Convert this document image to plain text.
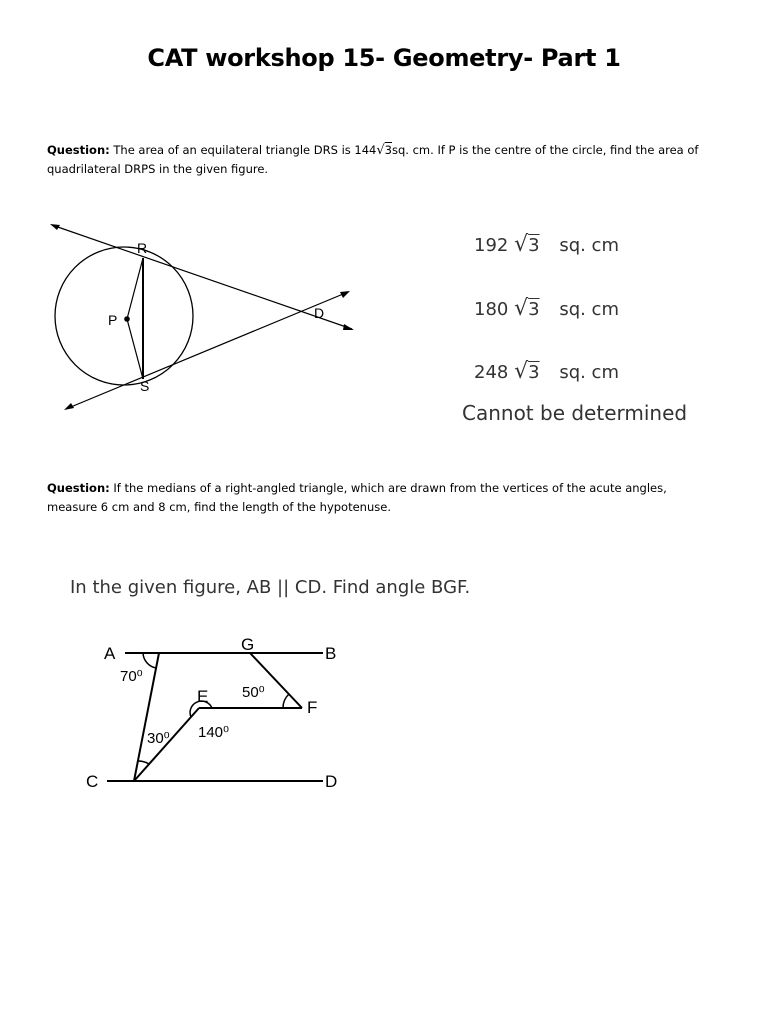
CAT workshop 15- Geometry- Part 1
Question: The area of an equilateral triangle DRS is 144√3sq. cm. If P is the centre of the circle, find the area of quadrilateral DRPS in the given figure.
R
P
S
D
192 √3 sq. cm
180 √3 sq. cm
248 √3 sq. cm
Cannot be determined
Question: If the medians of a right-angled triangle, which are drawn from the vertices of the acute angles, measure 6 cm and 8 cm, find the length of the hypotenuse.
In the given figure, AB || CD. Find angle BGF.
A	G	B
E
F
C	D
70⁰
50⁰
30⁰ 140⁰
